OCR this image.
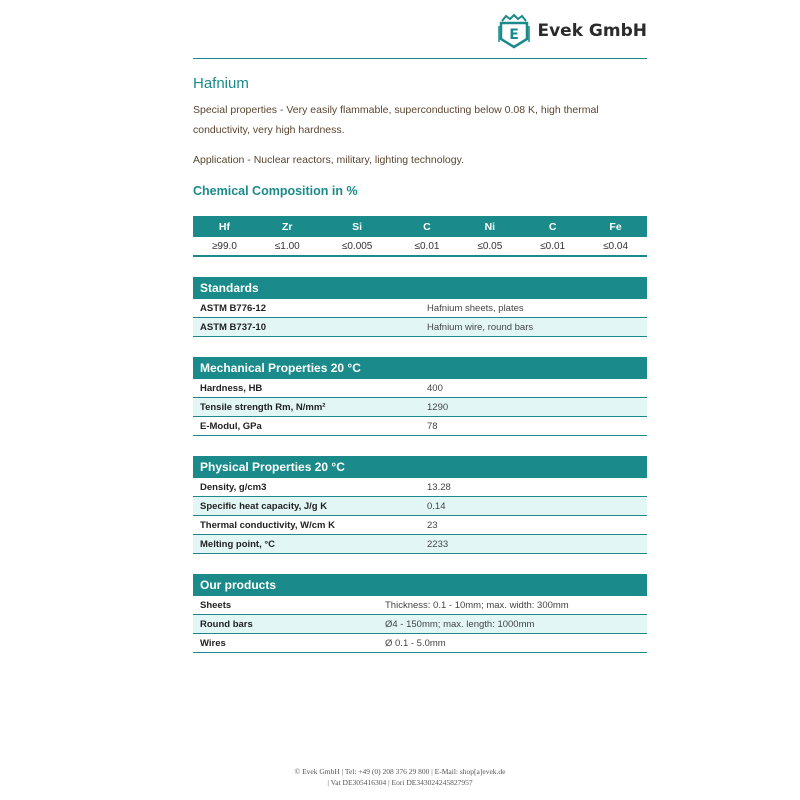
E Evek GmbH
Hafnium
Special properties - Very easily flammable, superconducting below 0.08 K, high thermal conductivity, very high hardness.
Application - Nuclear reactors, military, lighting technology.
Chemical Composition in %
Hf	Zr	Si	C	Ni	C	Fe
≥99.0	≤1.00	≤0.005	≤0.01	≤0.05	≤0.01	≤0.04
Standards
ASTM B776-12	Hafnium sheets, plates
ASTM B737-10	Hafnium wire, round bars
Mechanical Properties 20 °C
Hardness, HB	400
Tensile strength Rm, N/mm²	1290
E-Modul, GPa	78
Physical Properties 20 °C
Density, g/cm3	13.28
Specific heat capacity, J/g K	0.14
Thermal conductivity, W/cm K	23
Melting point, °C	2233
Our products
Sheets	Thickness: 0.1 - 10mm; max. width: 300mm
Round bars	Ø4 - 150mm; max. length: 1000mm
Wires	Ø 0.1 - 5.0mm
© Evek GmbH | Tel: +49 (0) 208 376 29 800 | E-Mail: shop[a]evek.de
| Vat DE305416304 | Eori DE343024245827957
